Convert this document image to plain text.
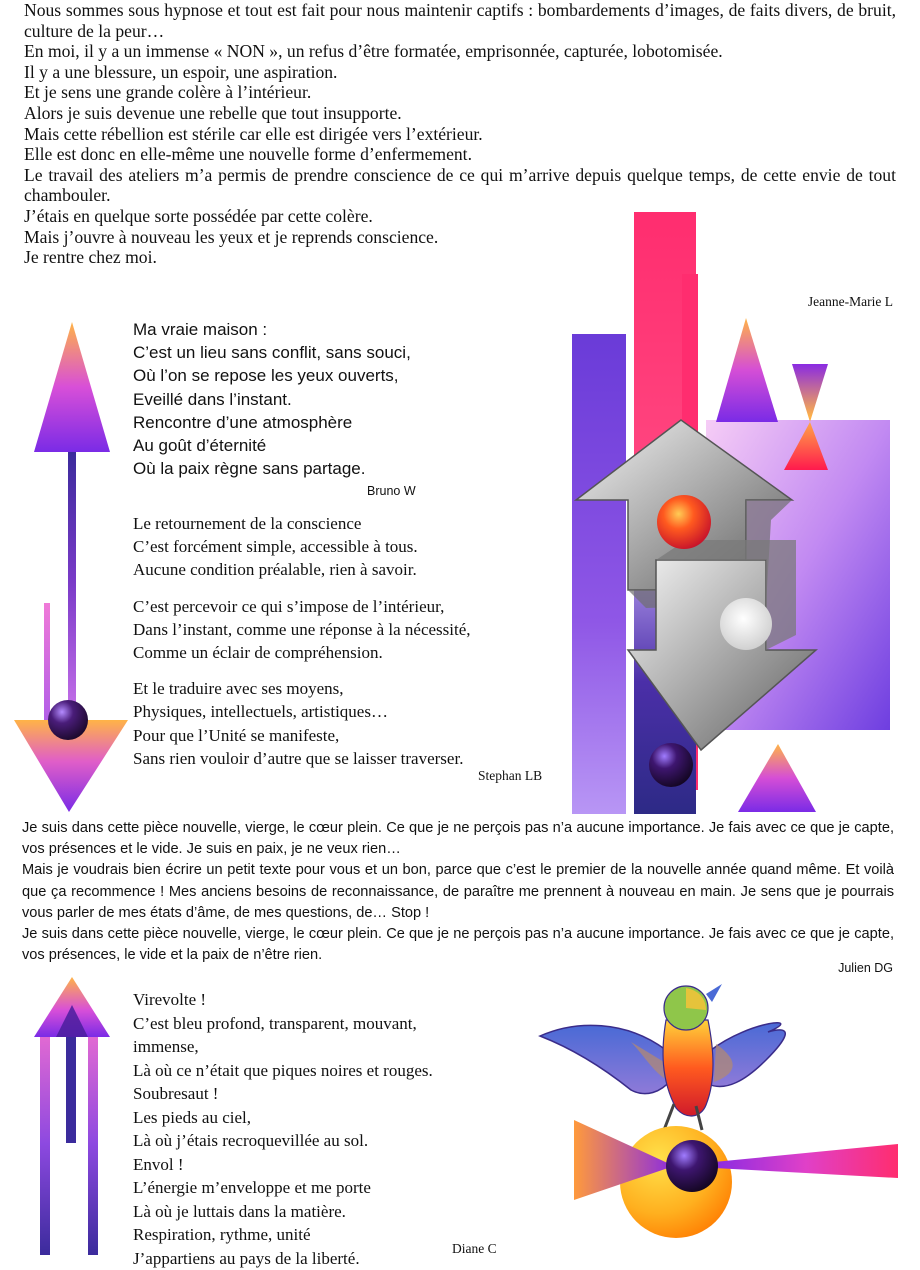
Nous sommes sous hypnose et tout est fait pour nous maintenir captifs : bombardements d’images, de faits divers, de bruit, culture de la peur…

En moi, il y a un immense « NON », un refus d’être formatée, emprisonnée, capturée, lobotomisée.

Il y a une blessure, un espoir, une aspiration.

Et je sens une grande colère à l’intérieur.

Alors je suis devenue une rebelle que tout insupporte.

Mais cette rébellion est stérile car elle est dirigée vers l’extérieur.

Elle est donc en elle-même une nouvelle forme d’enfermement.

Le travail des ateliers m’a permis de prendre conscience de ce qui m’arrive depuis quelque temps, de cette envie de tout chambouler.

J’étais en quelque sorte possédée par cette colère.

Mais j’ouvre à nouveau les yeux et je reprends conscience.

Je rentre chez moi.

Jeanne-Marie L

Ma vraie maison :

C’est un lieu sans conflit, sans souci,

Où l’on se repose les yeux ouverts,

Eveillé dans l’instant.

Rencontre d’une atmosphère

Au goût d’éternité

Où la paix règne sans partage.

Bruno W

Le retournement de la conscience

C’est forcément simple, accessible à tous.

Aucune condition préalable, rien à savoir.

C’est percevoir ce qui s’impose de l’intérieur,

Dans l’instant, comme une réponse à la nécessité,

Comme un éclair de compréhension.

Et le traduire avec ses moyens,

Physiques, intellectuels, artistiques…

Pour que l’Unité se manifeste,

Sans rien vouloir d’autre que se laisser traverser.

Stephan LB

Je suis dans cette pièce nouvelle, vierge, le cœur plein. Ce que je ne perçois pas n’a aucune importance. Je fais avec ce que je capte, vos présences et le vide. Je suis en paix, je ne veux rien…

Mais je voudrais bien écrire un petit texte pour vous et un bon, parce que c’est le premier de la nouvelle année quand même. Et voilà que ça recommence ! Mes anciens besoins de reconnaissance, de paraître me prennent à nouveau en main. Je sens que je pourrais vous parler de mes états d’âme, de mes questions, de… Stop !

Je suis dans cette pièce nouvelle, vierge, le cœur plein. Ce que je ne perçois pas n’a aucune importance. Je fais avec ce que je capte, vos présences, le vide et la paix de n’être rien.

Julien DG

Virevolte !

C’est bleu profond, transparent, mouvant,

immense,

Là où ce n’était que piques noires et rouges.

Soubresaut !

Les pieds au ciel,

Là où j’étais recroquevillée au sol.

Envol !

L’énergie m’enveloppe et me porte

Là où je luttais dans la matière.

Respiration, rythme, unité

J’appartiens au pays de la liberté.	Diane C
